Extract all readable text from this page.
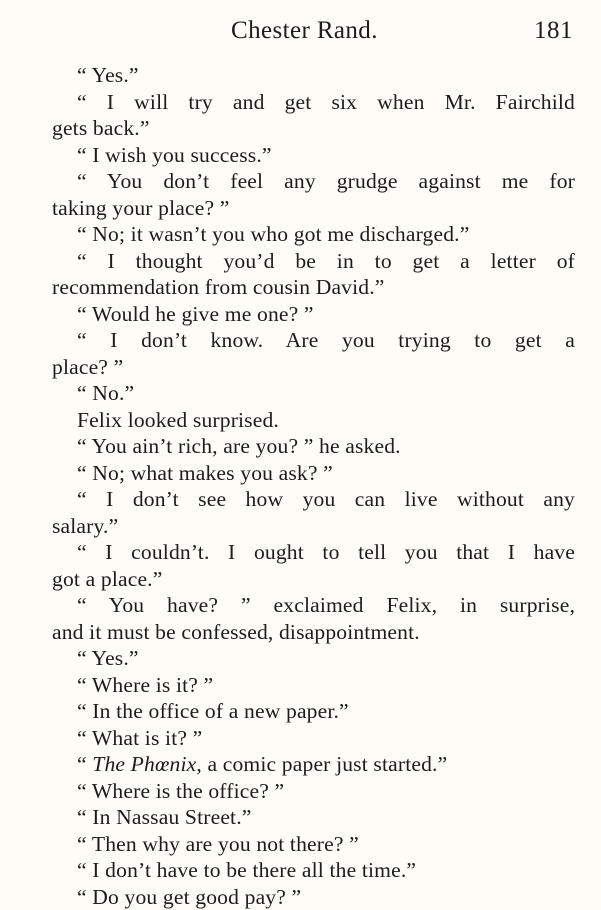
Chester Rand.	181
“ Yes.”
“ I will try and get six when Mr. Fairchild
gets back.”
“ I wish you success.”
“ You don’t feel any grudge against me for
taking your place? ”
“ No; it wasn’t you who got me discharged.”
“ I thought you’d be in to get a letter of
recommendation from cousin David.”
“ Would he give me one? ”
“ I don’t know. Are you trying to get a
place? ”
“ No.”
Felix looked surprised.
“ You ain’t rich, are you? ” he asked.
“ No; what makes you ask? ”
“ I don’t see how you can live without any
salary.”
“ I couldn’t. I ought to tell you that I have
got a place.”
“ You have? ” exclaimed Felix, in surprise,
and it must be confessed, disappointment.
“ Yes.”
“ Where is it? ”
“ In the office of a new paper.”
“ What is it? ”
“ The Phœnix, a comic paper just started.”
“ Where is the office? ”
“ In Nassau Street.”
“ Then why are you not there? ”
“ I don’t have to be there all the time.”
“ Do you get good pay? ”
